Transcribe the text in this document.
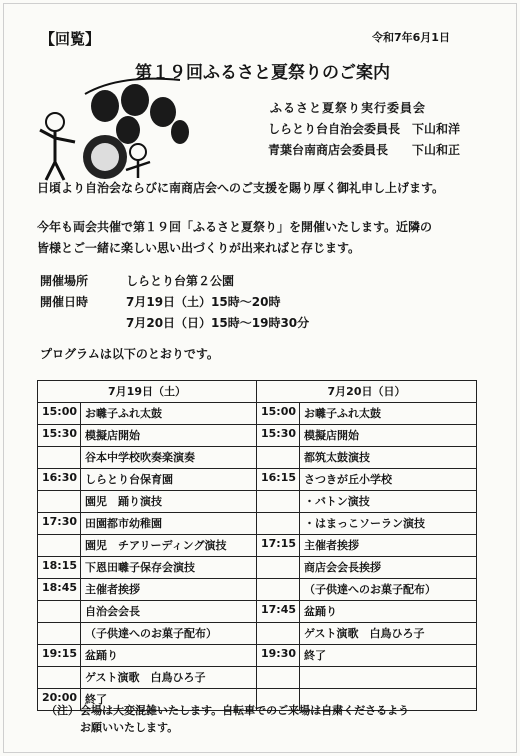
【回覧】	令和7年6月1日
第１９回ふるさと夏祭りのご案内
ふるさと夏祭り実行委員会
しらとり台自治会委員長　下山和洋
青葉台南商店会委員長　　下山和正
日頃より自治会ならびに南商店会へのご支援を賜り厚く御礼申し上げます。
今年も両会共催で第１９回「ふるさと夏祭り」を開催いたします。近隣の
皆様とご一緒に楽しい思い出づくりが出来ればと存じます。
開催場所	しらとり台第２公園
開催日時	7月19日（土）15時～20時
7月20日（日）15時～19時30分
プログラムは以下のとおりです。
7月19日（土）		7月20日（日）	
15:00	お囃子ふれ太鼓	15:00	お囃子ふれ太鼓
15:30	模擬店開始	15:30	模擬店開始
	谷本中学校吹奏楽演奏		都筑太鼓演技
16:30	しらとり台保育園	16:15	さつきが丘小学校
	園児　踊り演技		・バトン演技
17:30	田園都市幼稚園		・はまっこソーラン演技
	園児　チアリーディング演技	17:15	主催者挨拶
18:15	下恩田囃子保存会演技		商店会会長挨拶
18:45	主催者挨拶		（子供達へのお菓子配布）
	自治会会長	17:45	盆踊り
	（子供達へのお菓子配布）		ゲスト演歌　白鳥ひろ子
19:15	盆踊り	19:30	終了
	ゲスト演歌　白鳥ひろ子		
20:00	終了		
（注） 会場は大変混雑いたします。自転車でのご来場は自粛くださるよう
お願いいたします。
